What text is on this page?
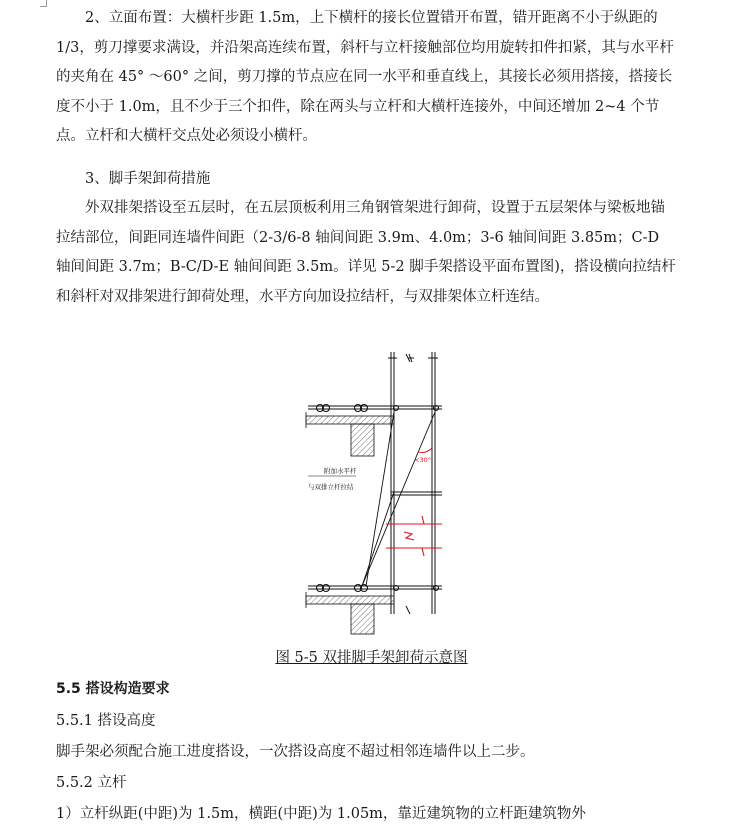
2、立面布置：大横杆步距 1.5m，上下横杆的接长位置错开布置，错开距离不小于纵距的 1/3，剪刀撑要求满设，并沿架高连续布置，斜杆与立杆接触部位均用旋转扣件扣紧，其与水平杆的夹角在 45° ～60° 之间，剪刀撑的节点应在同一水平和垂直线上，其接长必须用搭接，搭接长度不小于 1.0m，且不少于三个扣件，除在两头与立杆和大横杆连接外，中间还增加 2~4 个节点。立杆和大横杆交点处必须设小横杆。
3、脚手架卸荷措施
外双排架搭设至五层时，在五层顶板利用三角钢管架进行卸荷，设置于五层架体与梁板地锚拉结部位，间距同连墙件间距（2-3/6-8 轴间间距 3.9m、4.0m；3-6 轴间间距 3.85m；C-D 轴间间距 3.7m；B-C/D-E 轴间间距 3.5m。详见 5-2 脚手架搭设平面布置图)，搭设横向拉结杆和斜杆对双排架进行卸荷处理，水平方向加设拉结杆，与双排架体立杆连结。
<30°
附加水平杆
与双排立杆拉结
图 5-5 双排脚手架卸荷示意图
5.5 搭设构造要求
5.5.1 搭设高度
脚手架必须配合施工进度搭设，一次搭设高度不超过相邻连墙件以上二步。
5.5.2 立杆
1）立杆纵距(中距)为 1.5m，横距(中距)为 1.05m，靠近建筑物的立杆距建筑物外
